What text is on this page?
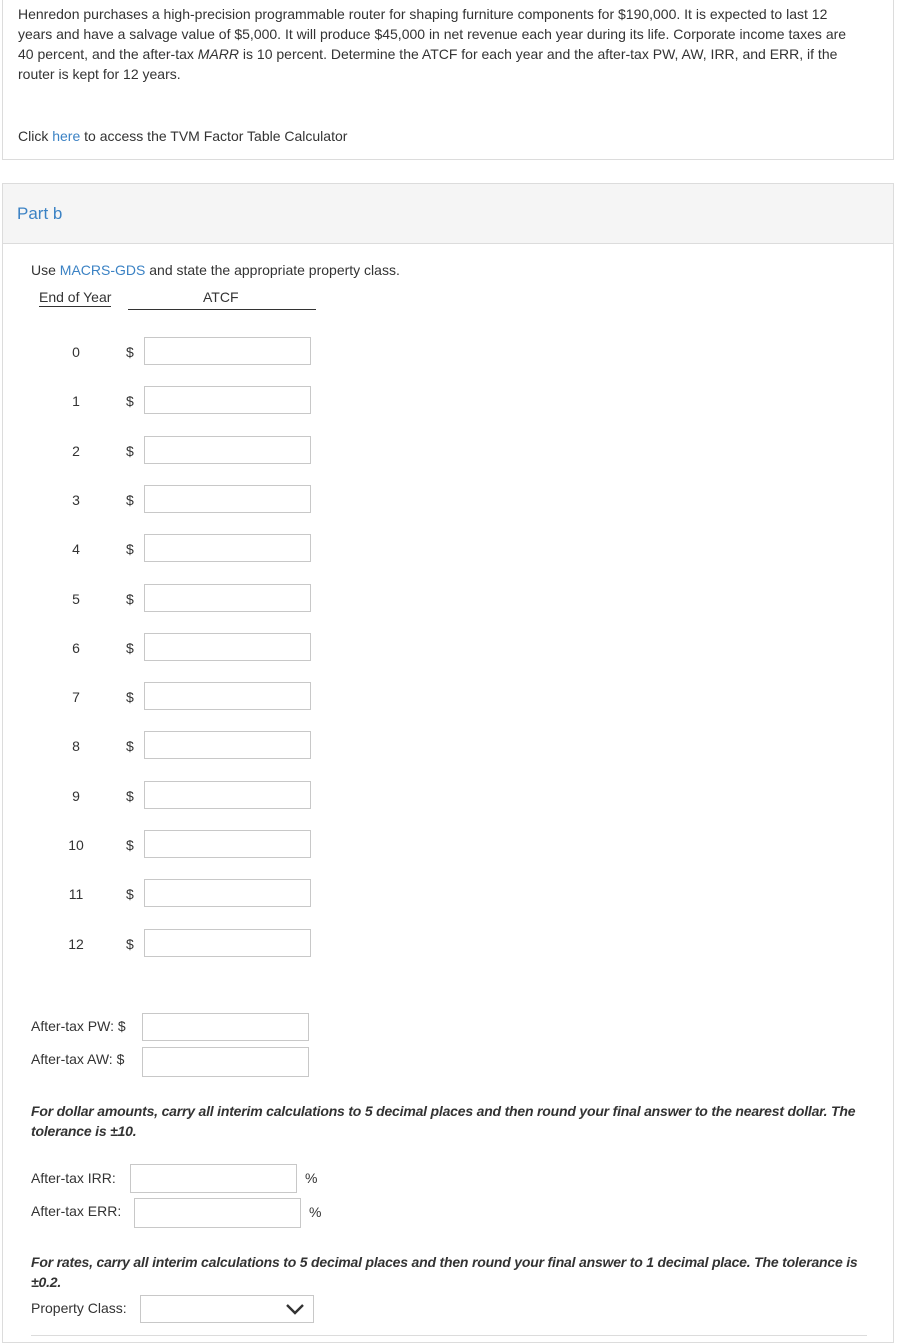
Henredon purchases a high-precision programmable router for shaping furniture components for $190,000. It is expected to last 12
years and have a salvage value of $5,000. It will produce $45,000 in net revenue each year during its life. Corporate income taxes are
40 percent, and the after-tax MARR is 10 percent. Determine the ATCF for each year and the after-tax PW, AW, IRR, and ERR, if the
router is kept for 12 years.
Click here to access the TVM Factor Table Calculator
Part b
Use MACRS-GDS and state the appropriate property class.
End of Year	ATCF
0	$
1	$
2	$
3	$
4	$
5	$
6	$
7	$
8	$
9	$
10	$
11	$
12	$
After-tax PW: $
After-tax AW: $
For dollar amounts, carry all interim calculations to 5 decimal places and then round your final answer to the nearest dollar. The tolerance is ±10.
After-tax IRR:	%
After-tax ERR:	%
For rates, carry all interim calculations to 5 decimal places and then round your final answer to 1 decimal place. The tolerance is ±0.2.
Property Class:
